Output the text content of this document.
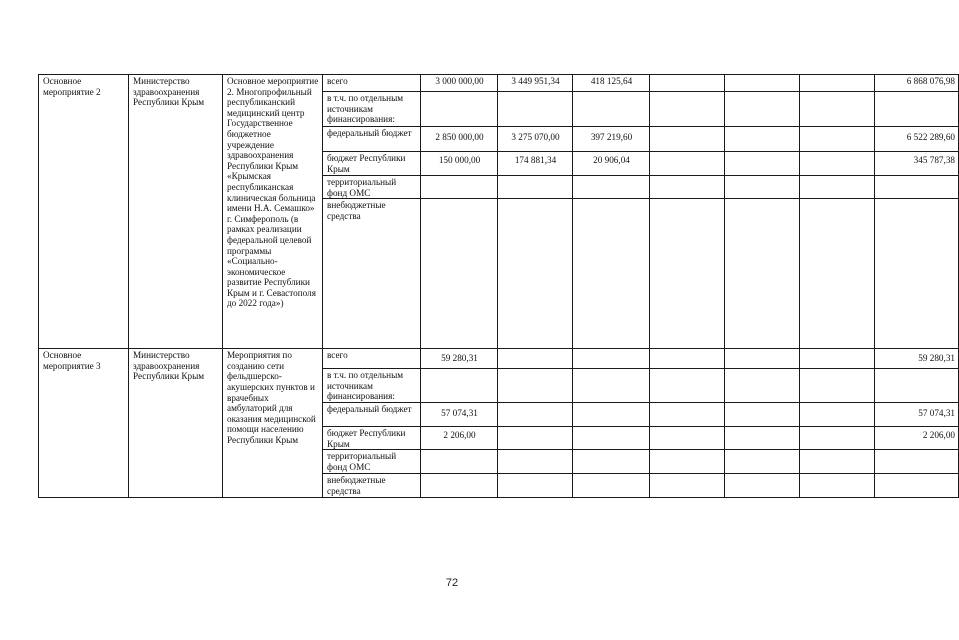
Основное мероприятие 2	Министерство здравоохранения Республики Крым	Основное мероприятие 2. Многопрофильный республиканский медицинский центр Государственное бюджетное учреждение здравоохранения Республики Крым «Крымская республиканская клиническая больница имени Н.А. Семашко» г. Симферополь (в рамках реализации федеральной целевой программы «Социально-экономическое развитие Республики Крым и г. Севастополя до 2022 года»)	всего	3 000 000,00	3 449 951,34	418 125,64				6 868 076,98
			в т.ч. по отдельным источникам финансирования:							
			федеральный бюджет	2 850 000,00	3 275 070,00	397 219,60				6 522 289,60
			бюджет Республики Крым	150 000,00	174 881,34	20 906,04				345 787,38
			территориальный фонд ОМС							
			внебюджетные средства							
Основное мероприятие 3	Министерство здравоохранения Республики Крым	Мероприятия по созданию сети фельдшерско-акушерских пунктов и врачебных амбулаторий для оказания медицинской помощи населению Республики Крым	всего	59 280,31						59 280,31
			в т.ч. по отдельным источникам финансирования:							
			федеральный бюджет	57 074,31						57 074,31
			бюджет Республики Крым	2 206,00						2 206,00
			территориальный фонд ОМС							
			внебюджетные средства							
72
